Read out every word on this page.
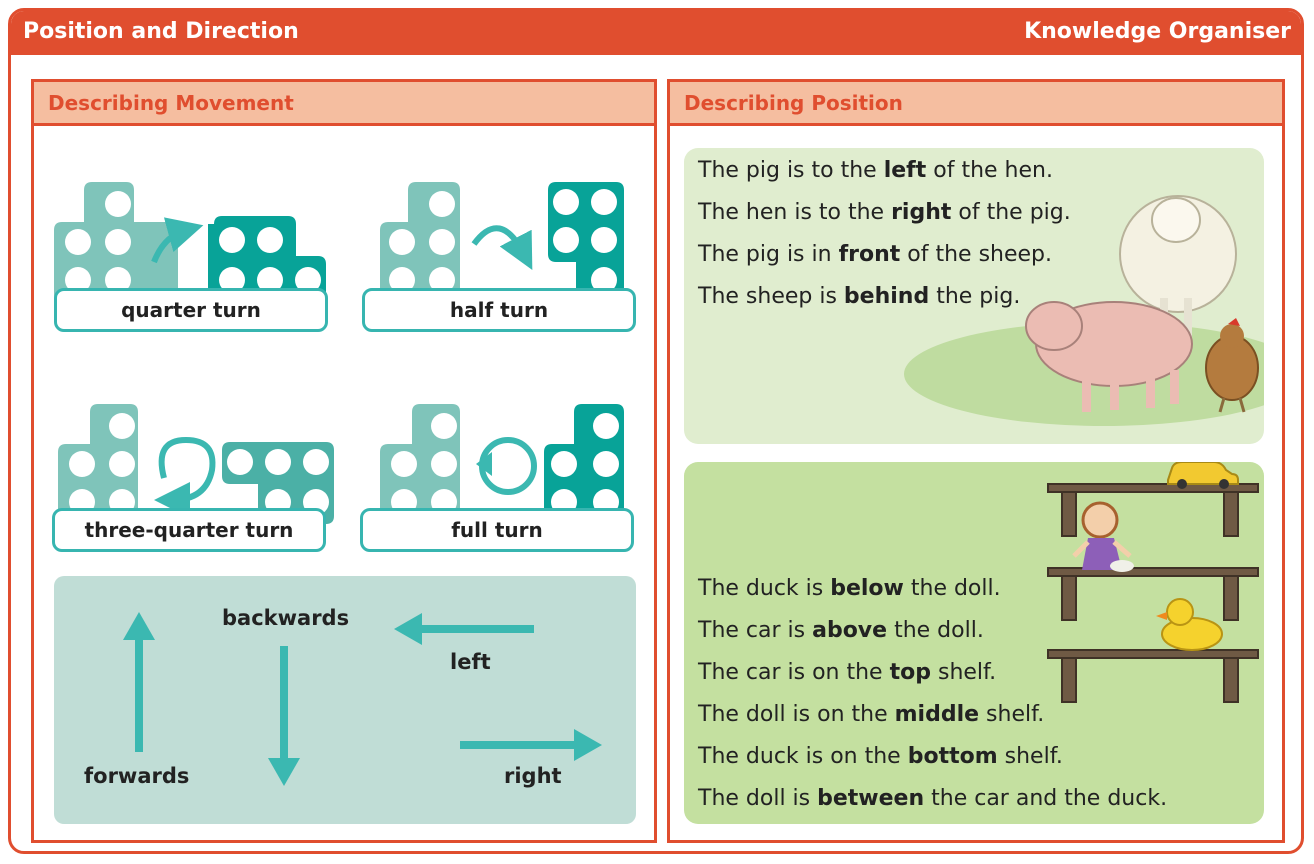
Position and Direction	Knowledge Organiser
Describing Movement
quarter turn	half turn
three-quarter turn	full turn
forwards
backwards
left
right
Describing Position
The pig is to the left of the hen.
The hen is to the right of the pig.
The pig is in front of the sheep.
The sheep is behind the pig.
The duck is below the doll.
The car is above the doll.
The car is on the top shelf.
The doll is on the middle shelf.
The duck is on the bottom shelf.
The doll is between the car and the duck.
